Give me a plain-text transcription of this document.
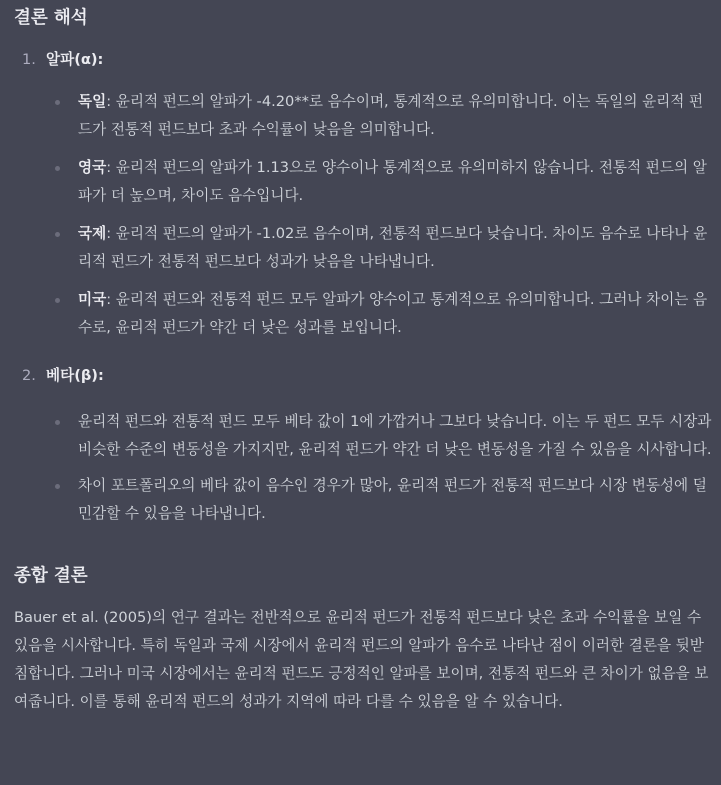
결론 해석
1. 알파(α):
독일: 윤리적 펀드의 알파가 -4.20**로 음수이며, 통계적으로 유의미합니다. 이는 독일의 윤리적 펀드가 전통적 펀드보다 초과 수익률이 낮음을 의미합니다.
영국: 윤리적 펀드의 알파가 1.13으로 양수이나 통계적으로 유의미하지 않습니다. 전통적 펀드의 알파가 더 높으며, 차이도 음수입니다.
국제: 윤리적 펀드의 알파가 -1.02로 음수이며, 전통적 펀드보다 낮습니다. 차이도 음수로 나타나 윤리적 펀드가 전통적 펀드보다 성과가 낮음을 나타냅니다.
미국: 윤리적 펀드와 전통적 펀드 모두 알파가 양수이고 통계적으로 유의미합니다. 그러나 차이는 음수로, 윤리적 펀드가 약간 더 낮은 성과를 보입니다.
2. 베타(β):
윤리적 펀드와 전통적 펀드 모두 베타 값이 1에 가깝거나 그보다 낮습니다. 이는 두 펀드 모두 시장과 비슷한 수준의 변동성을 가지지만, 윤리적 펀드가 약간 더 낮은 변동성을 가질 수 있음을 시사합니다.
차이 포트폴리오의 베타 값이 음수인 경우가 많아, 윤리적 펀드가 전통적 펀드보다 시장 변동성에 덜 민감할 수 있음을 나타냅니다.
종합 결론

Bauer et al. (2005)의 연구 결과는 전반적으로 윤리적 펀드가 전통적 펀드보다 낮은 초과 수익률을 보일 수 있음을 시사합니다. 특히 독일과 국제 시장에서 윤리적 펀드의 알파가 음수로 나타난 점이 이러한 결론을 뒷받침합니다. 그러나 미국 시장에서는 윤리적 펀드도 긍정적인 알파를 보이며, 전통적 펀드와 큰 차이가 없음을 보여줍니다. 이를 통해 윤리적 펀드의 성과가 지역에 따라 다를 수 있음을 알 수 있습니다.
